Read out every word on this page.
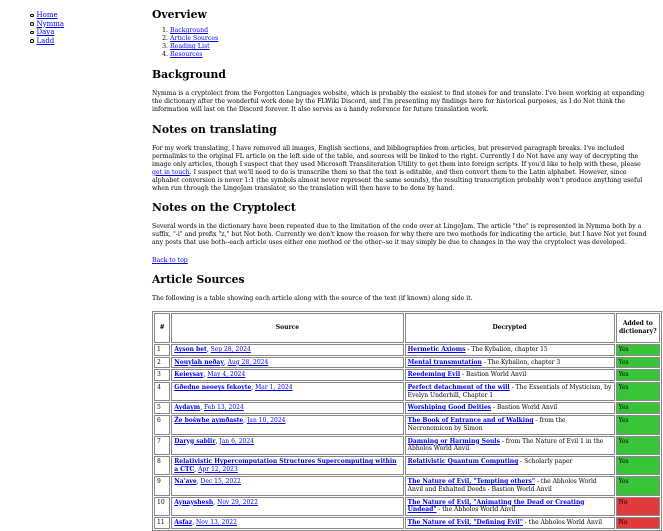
Home
Nymma
Daya
Ladd
Overview
1. Background
2. Article Sources
3. Reading List
4. Resources
Background

Nymma is a cryptolect from the Forgotten Languages website, which is probably the easiest to find stones for and translate. I've been working at expanding the dictionary after the wonderful work done by the FLWiki Discord, and I'm presenting my findings here for historical purposes, as I do Not think the information will last on the Discord forever. It also serves as a handy reference for future translation work.

Notes on translating

For my work translating, I have removed all images, English sections, and bibliographies from articles, but preserved paragraph breaks. I've included permalinks to the original FL article on the left side of the table, and sources will be linked to the right. Currently I do Not have any way of decrypting the image only articles, though I suspect that they used Microsoft Transliteration Utility to get them into foreign scripts. If you'd like to help with these, please get in touch. I suspect that we'll need to do is transcribe them so that the text is editable, and then convert them to the Latin alphabet. However, since alphabet conversion is never 1:1 (the symbols almost never represent the same sounds), the resulting transcription probably won't produce anything useful when run through the LingoJam translator, so the translation will then have to be done by hand.

Notes on the Cryptolect

Several words in the dictionary have been repeated due to the limitation of the code over at LingoJam. The article "the" is represented in Nymma both by a suffix, "-i" and prefix "z," but Not both. Currently we don't know the reason for why there are two methods for indicating the article, but I have Not yet found any posts that use both--each article uses either one method or the other--so it may simply be due to changes in the way the cryptolect was developed.

Back to top

Article Sources

The following is a table showing each article along with the source of the text (if known) along side it.

#	Source	Decrypted	Added to dictionary?
1	Ayson bet, Sep 28, 2024	Hermetic Axioms - The Kybalion, chapter 15	Yes
2	Nouylah neðay, Aug 28, 2024	Mental transmutation - The Kybalion, chapter 3	Yes
3	Keieysay, May 4, 2024	Reedeming Evil - Bastion World Anvil	Yes
4	Gðedne neoeys fekoyte, Mar 1, 2024	Perfect detachment of the will - The Essentials of Mysticism, by Evelyn Underhill, Chapter 1	Yes
5	Aydaym, Feb 13, 2024	Worshiping Good Deities - Bastion World Anvil	Yes
6	Že bošwhe aymðaste, Jan 10, 2024	The Book of Entrance and of Walking - from the Necronomicon by Simon	Yes
7	Daryg sablir, Jan 6, 2024	Damning or Harming Souls - from The Nature of Evil 1 in the Abholos World Anvil	Yes
8	Relativistic Hypercomputation Structures Supercomputing within a CTC, Apr 12, 2023	Relativistic Quantum Computing - Scholarly paper	Yes
9	Na'ave, Dec 15, 2022	The Nature of Evil, "Tempting others" - the Abholos World Anvil and Exhalted Deeds - Bastion World Anvil	Yes
10	Aynayshesh, Nov 29, 2022	The Nature of Evil, "Animating the Dead or Creating Undead" - the Abholos World Anvil	No
11	Asfaz, Nov 13, 2022	The Nature of Evil, "Defining Evil" - the Abholos World Anvil	No
